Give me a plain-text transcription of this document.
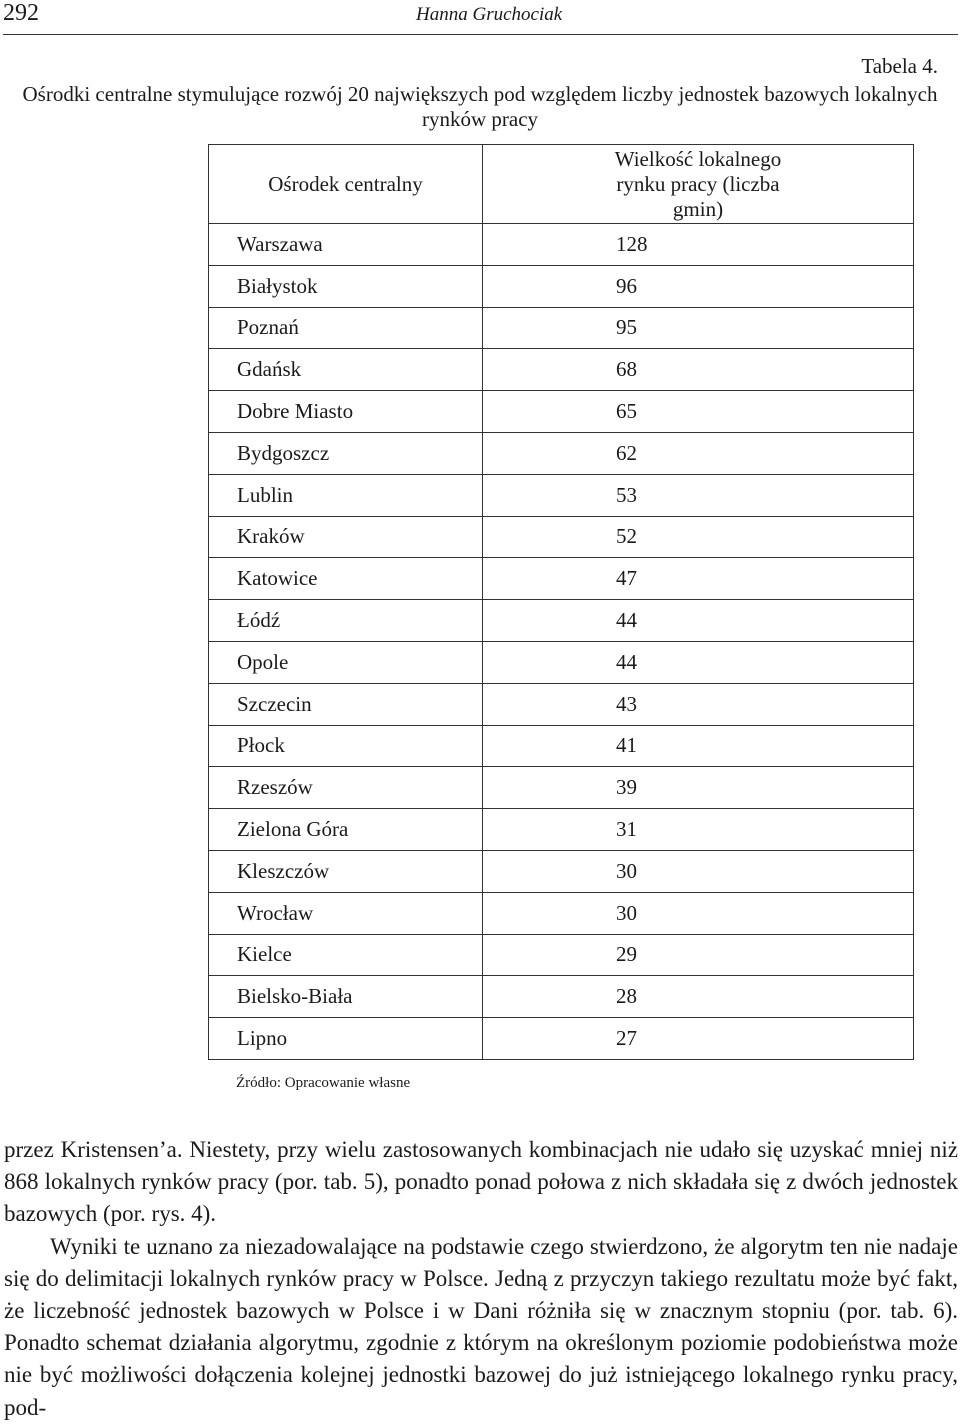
292	Hanna Gruchociak
Tabela 4.
Ośrodki centralne stymulujące rozwój 20 największych pod względem liczby jednostek bazowych lokalnych rynków pracy
Ośrodek centralny	Wielkość lokalnego rynku pracy (liczba gmin)
Warszawa	128
Białystok	96
Poznań	95
Gdańsk	68
Dobre Miasto	65
Bydgoszcz	62
Lublin	53
Kraków	52
Katowice	47
Łódź	44
Opole	44
Szczecin	43
Płock	41
Rzeszów	39
Zielona Góra	31
Kleszczów	30
Wrocław	30
Kielce	29
Bielsko-Biała	28
Lipno	27
Źródło: Opracowanie własne

przez Kristensen’a. Niestety, przy wielu zastosowanych kombinacjach nie udało się uzyskać mniej niż 868 lokalnych rynków pracy (por. tab. 5), ponadto ponad połowa z nich składała się z dwóch jednostek bazowych (por. rys. 4).

Wyniki te uznano za niezadowalające na podstawie czego stwierdzono, że algorytm ten nie nadaje się do delimitacji lokalnych rynków pracy w Polsce. Jedną z przyczyn takiego rezultatu może być fakt, że liczebność jednostek bazowych w Polsce i w Dani różniła się w znacznym stopniu (por. tab. 6). Ponadto schemat działania algorytmu, zgodnie z którym na określonym poziomie podobieństwa może nie być możliwości dołączenia kolejnej jednostki bazowej do już istniejącego lokalnego rynku pracy, pod-
